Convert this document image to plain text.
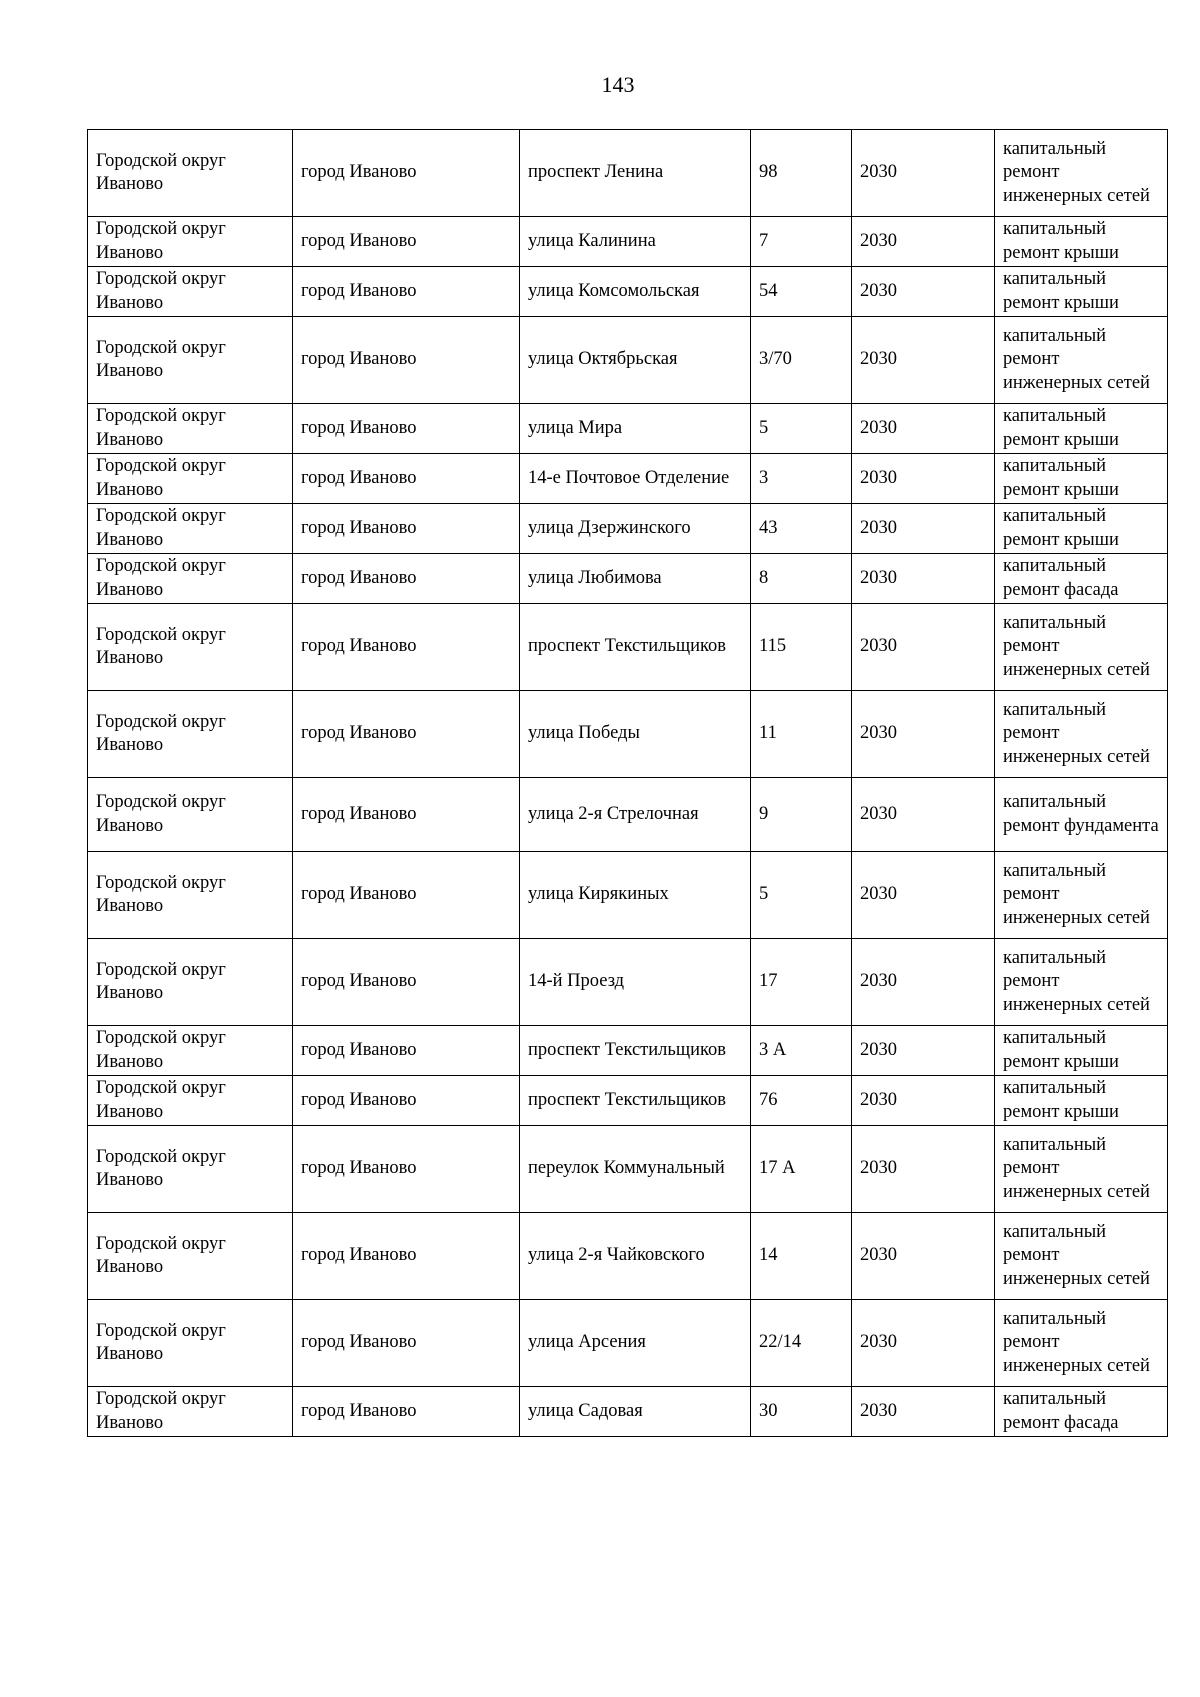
143
Городской округ Иваново	город Иваново	проспект Ленина	98	2030	капитальный ремонт инженерных сетей
Городской округ Иваново	город Иваново	улица Калинина	7	2030	капитальный ремонт крыши
Городской округ Иваново	город Иваново	улица Комсомольская	54	2030	капитальный ремонт крыши
Городской округ Иваново	город Иваново	улица Октябрьская	3/70	2030	капитальный ремонт инженерных сетей
Городской округ Иваново	город Иваново	улица Мира	5	2030	капитальный ремонт крыши
Городской округ Иваново	город Иваново	14-е Почтовое Отделение	3	2030	капитальный ремонт крыши
Городской округ Иваново	город Иваново	улица Дзержинского	43	2030	капитальный ремонт крыши
Городской округ Иваново	город Иваново	улица Любимова	8	2030	капитальный ремонт фасада
Городской округ Иваново	город Иваново	проспект Текстильщиков	115	2030	капитальный ремонт инженерных сетей
Городской округ Иваново	город Иваново	улица Победы	11	2030	капитальный ремонт инженерных сетей
Городской округ Иваново	город Иваново	улица 2-я Стрелочная	9	2030	капитальный ремонт фундамента
Городской округ Иваново	город Иваново	улица Кирякиных	5	2030	капитальный ремонт инженерных сетей
Городской округ Иваново	город Иваново	14-й Проезд	17	2030	капитальный ремонт инженерных сетей
Городской округ Иваново	город Иваново	проспект Текстильщиков	3 А	2030	капитальный ремонт крыши
Городской округ Иваново	город Иваново	проспект Текстильщиков	76	2030	капитальный ремонт крыши
Городской округ Иваново	город Иваново	переулок Коммунальный	17 А	2030	капитальный ремонт инженерных сетей
Городской округ Иваново	город Иваново	улица 2-я Чайковского	14	2030	капитальный ремонт инженерных сетей
Городской округ Иваново	город Иваново	улица Арсения	22/14	2030	капитальный ремонт инженерных сетей
Городской округ Иваново	город Иваново	улица Садовая	30	2030	капитальный ремонт фасада
